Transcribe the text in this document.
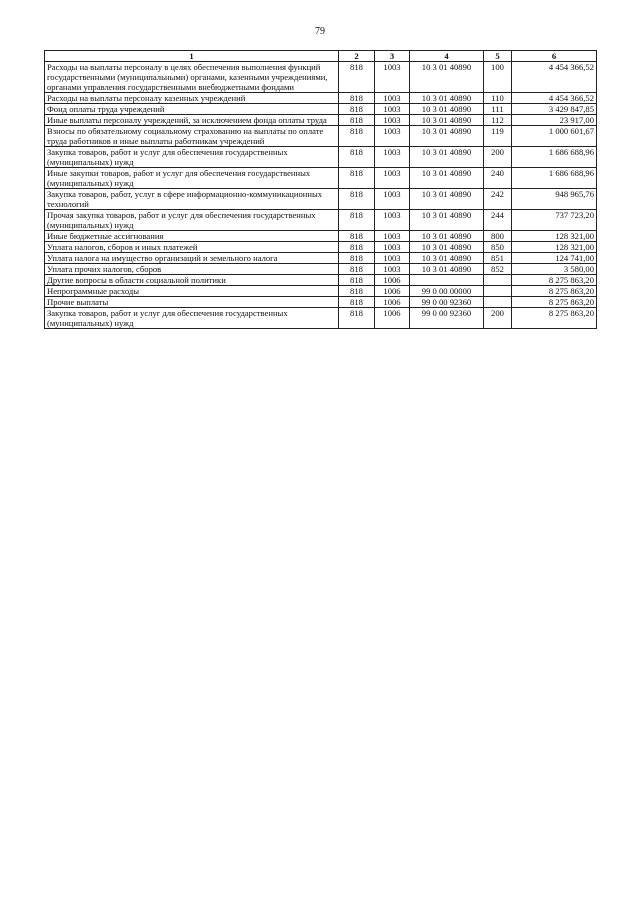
79
1	2	3	4	5	6
Расходы на выплаты персоналу в целях обеспечения выполнения функций государственными (муниципальными) органами, казенными учреждениями, органами управления государственными внебюджетными фондами	818	1003	10 3 01 40890	100	4 454 366,52
Расходы на выплаты персоналу казенных учреждений	818	1003	10 3 01 40890	110	4 454 366,52
Фонд оплаты труда учреждений	818	1003	10 3 01 40890	111	3 429 847,85
Иные выплаты персоналу учреждений, за исключением фонда оплаты труда	818	1003	10 3 01 40890	112	23 917,00
Взносы по обязательному социальному страхованию на выплаты по оплате труда работников и иные выплаты работникам учреждений	818	1003	10 3 01 40890	119	1 000 601,67
Закупка товаров, работ и услуг для обеспечения государственных (муниципальных) нужд	818	1003	10 3 01 40890	200	1 686 688,96
Иные закупки товаров, работ и услуг для обеспечения государственных (муниципальных) нужд	818	1003	10 3 01 40890	240	1 686 688,96
Закупка товаров, работ, услуг в сфере информационно-коммуникационных технологий	818	1003	10 3 01 40890	242	948 965,76
Прочая закупка товаров, работ и услуг для обеспечения государственных (муниципальных) нужд	818	1003	10 3 01 40890	244	737 723,20
Иные бюджетные ассигнования	818	1003	10 3 01 40890	800	128 321,00
Уплата налогов, сборов и иных платежей	818	1003	10 3 01 40890	850	128 321,00
Уплата налога на имущество организаций и земельного налога	818	1003	10 3 01 40890	851	124 741,00
Уплата прочих налогов, сборов	818	1003	10 3 01 40890	852	3 580,00
Другие вопросы в области социальной политики	818	1006			8 275 863,20
Непрограммные расходы	818	1006	99 0 00 00000		8 275 863,20
Прочие выплаты	818	1006	99 0 00 92360		8 275 863,20
Закупка товаров, работ и услуг для обеспечения государственных (муниципальных) нужд	818	1006	99 0 00 92360	200	8 275 863,20
